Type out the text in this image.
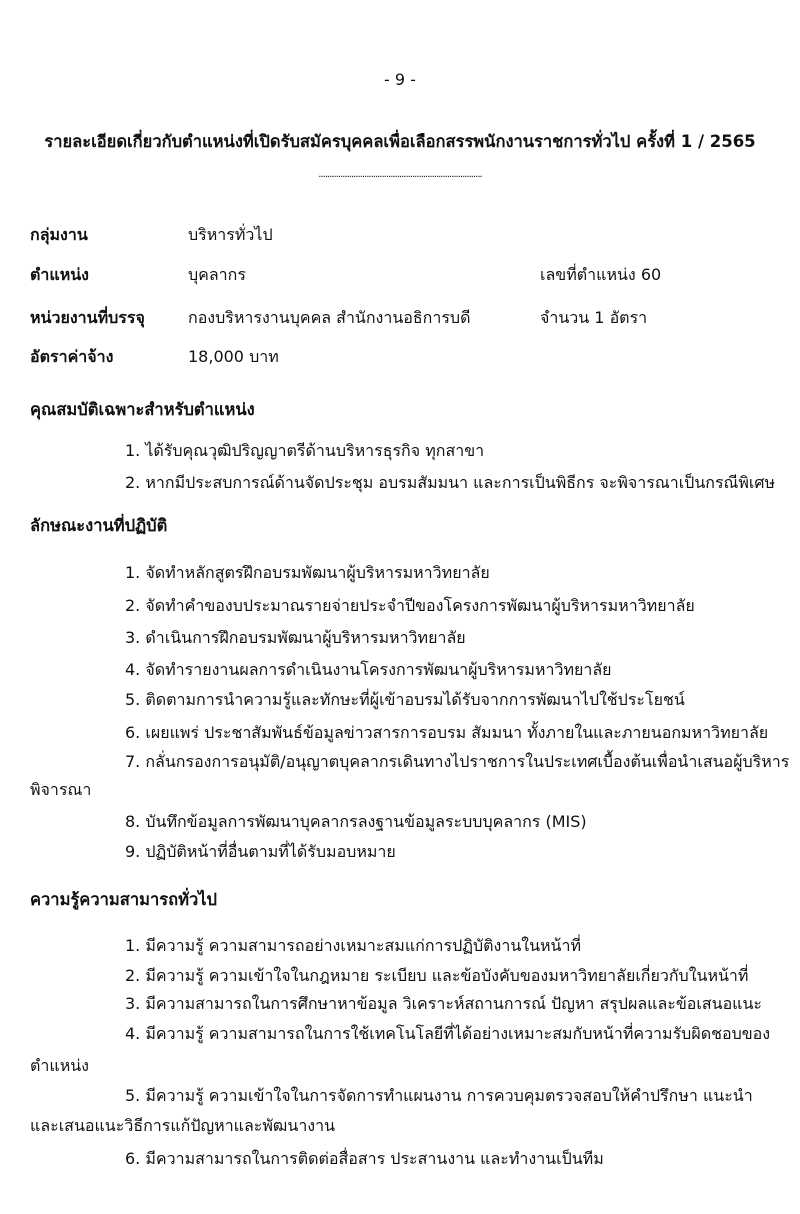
- 9 -
รายละเอียดเกี่ยวกับตำแหน่งที่เปิดรับสมัครบุคคลเพื่อเลือกสรรพนักงานราชการทั่วไป ครั้งที่ 1 / 2565
...........................................................................
กลุ่มงาน	บริหารทั่วไป
ตำแหน่ง	บุคลากร	เลขที่ตำแหน่ง 60
หน่วยงานที่บรรจุ	กองบริหารงานบุคคล สำนักงานอธิการบดี	จำนวน 1 อัตรา
อัตราค่าจ้าง	18,000 บาท
คุณสมบัติเฉพาะสำหรับตำแหน่ง
1. ได้รับคุณวุฒิปริญญาตรีด้านบริหารธุรกิจ ทุกสาขา
2. หากมีประสบการณ์ด้านจัดประชุม อบรมสัมมนา และการเป็นพิธีกร จะพิจารณาเป็นกรณีพิเศษ
ลักษณะงานที่ปฏิบัติ
1. จัดทำหลักสูตรฝึกอบรมพัฒนาผู้บริหารมหาวิทยาลัย
2. จัดทำคำของบประมาณรายจ่ายประจำปีของโครงการพัฒนาผู้บริหารมหาวิทยาลัย
3. ดำเนินการฝึกอบรมพัฒนาผู้บริหารมหาวิทยาลัย
4. จัดทำรายงานผลการดำเนินงานโครงการพัฒนาผู้บริหารมหาวิทยาลัย
5. ติดตามการนำความรู้และทักษะที่ผู้เข้าอบรมได้รับจากการพัฒนาไปใช้ประโยชน์
6. เผยแพร่ ประชาสัมพันธ์ข้อมูลข่าวสารการอบรม สัมมนา ทั้งภายในและภายนอกมหาวิทยาลัย
7. กลั่นกรองการอนุมัติ/อนุญาตบุคลากรเดินทางไปราชการในประเทศเบื้องต้นเพื่อนำเสนอผู้บริหาร
พิจารณา
8. บันทึกข้อมูลการพัฒนาบุคลากรลงฐานข้อมูลระบบบุคลากร (MIS)
9. ปฏิบัติหน้าที่อื่นตามที่ได้รับมอบหมาย
ความรู้ความสามารถทั่วไป
1. มีความรู้ ความสามารถอย่างเหมาะสมแก่การปฏิบัติงานในหน้าที่
2. มีความรู้ ความเข้าใจในกฎหมาย ระเบียบ และข้อบังคับของมหาวิทยาลัยเกี่ยวกับในหน้าที่
3. มีความสามารถในการศึกษาหาข้อมูล วิเคราะห์สถานการณ์ ปัญหา สรุปผลและข้อเสนอแนะ
4. มีความรู้ ความสามารถในการใช้เทคโนโลยีที่ได้อย่างเหมาะสมกับหน้าที่ความรับผิดชอบของ
ตำแหน่ง
5. มีความรู้ ความเข้าใจในการจัดการทำแผนงาน การควบคุมตรวจสอบให้คำปรึกษา แนะนำ
และเสนอแนะวิธีการแก้ปัญหาและพัฒนางาน
6. มีความสามารถในการติดต่อสื่อสาร ประสานงาน และทำงานเป็นทีม
